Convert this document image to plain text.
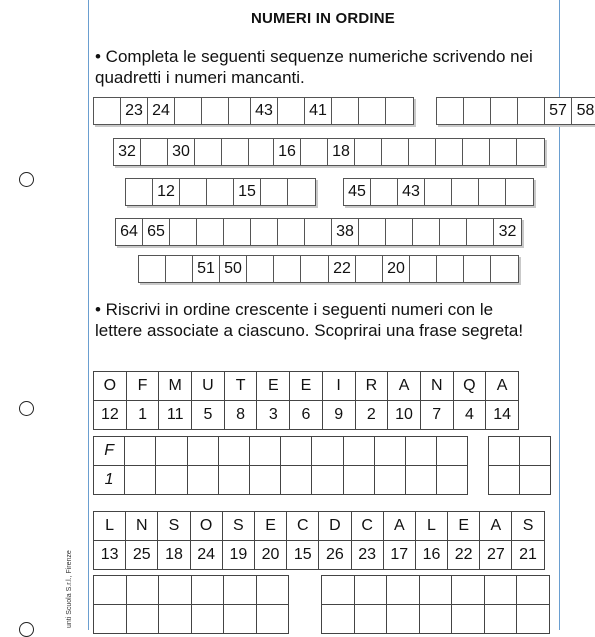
unti Scuola S.r.l., Firenze
NUMERI IN ORDINE
• Completa le seguenti sequenze numeriche scrivendo nei quadretti i numeri mancanti.
23 24	43	41	57 58
32	30	16	18
12	15	45	43
64 65	38	32
51 50	22	20
• Riscrivi in ordine crescente i seguenti numeri con le lettere associate a ciascuno. Scoprirai una frase segreta!
O	F	M	U	T	E	E	I	R	A	N	Q	A
12	1	11	5	8	3	6	9	2	10	7	4	14
F
1
L	N	S	O	S	E	C	D	C	A	L	E	A	S
13 25 18 24 19 20 15 26 23 17 16 22 27 21
